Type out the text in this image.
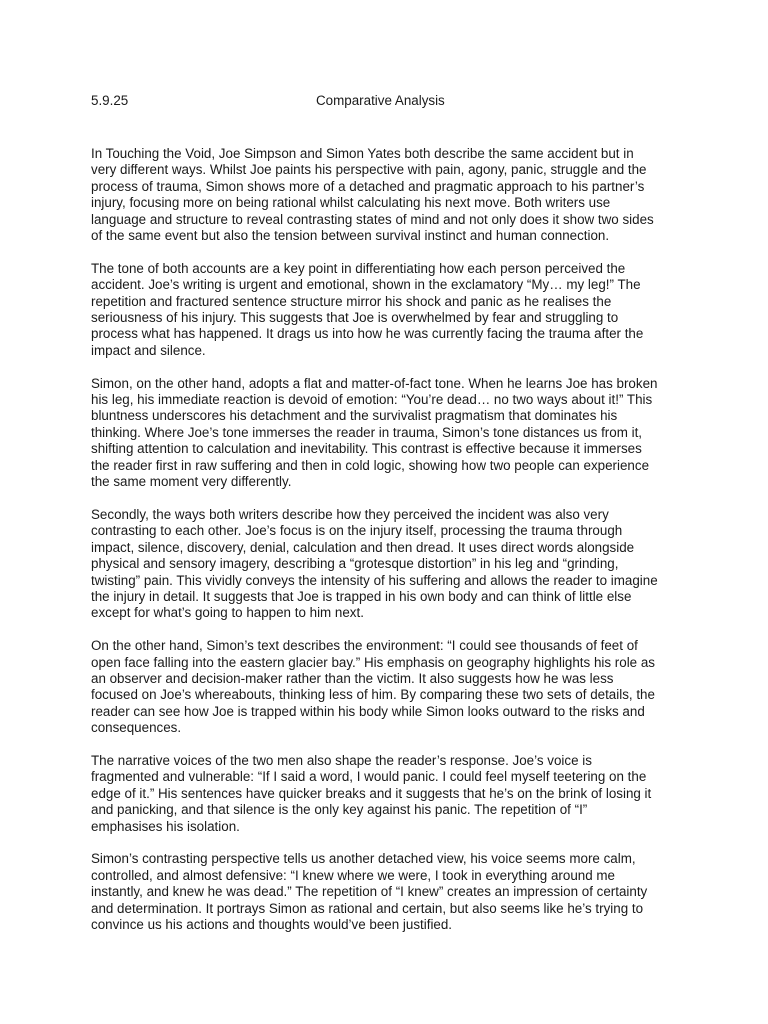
5.9.25	Comparative Analysis

In Touching the Void, Joe Simpson and Simon Yates both describe the same accident but in
very different ways. Whilst Joe paints his perspective with pain, agony, panic, struggle and the
process of trauma, Simon shows more of a detached and pragmatic approach to his partner’s
injury, focusing more on being rational whilst calculating his next move. Both writers use
language and structure to reveal contrasting states of mind and not only does it show two sides
of the same event but also the tension between survival instinct and human connection.

The tone of both accounts are a key point in differentiating how each person perceived the
accident. Joe’s writing is urgent and emotional, shown in the exclamatory “My… my leg!” The
repetition and fractured sentence structure mirror his shock and panic as he realises the
seriousness of his injury. This suggests that Joe is overwhelmed by fear and struggling to
process what has happened. It drags us into how he was currently facing the trauma after the
impact and silence.

Simon, on the other hand, adopts a flat and matter-of-fact tone. When he learns Joe has broken
his leg, his immediate reaction is devoid of emotion: “You’re dead… no two ways about it!” This
bluntness underscores his detachment and the survivalist pragmatism that dominates his
thinking. Where Joe’s tone immerses the reader in trauma, Simon’s tone distances us from it,
shifting attention to calculation and inevitability. This contrast is effective because it immerses
the reader first in raw suffering and then in cold logic, showing how two people can experience
the same moment very differently.

Secondly, the ways both writers describe how they perceived the incident was also very
contrasting to each other. Joe’s focus is on the injury itself, processing the trauma through
impact, silence, discovery, denial, calculation and then dread. It uses direct words alongside
physical and sensory imagery, describing a “grotesque distortion” in his leg and “grinding,
twisting” pain. This vividly conveys the intensity of his suffering and allows the reader to imagine
the injury in detail. It suggests that Joe is trapped in his own body and can think of little else
except for what’s going to happen to him next.

On the other hand, Simon’s text describes the environment: “I could see thousands of feet of
open face falling into the eastern glacier bay.” His emphasis on geography highlights his role as
an observer and decision-maker rather than the victim. It also suggests how he was less
focused on Joe’s whereabouts, thinking less of him. By comparing these two sets of details, the
reader can see how Joe is trapped within his body while Simon looks outward to the risks and
consequences.

The narrative voices of the two men also shape the reader’s response. Joe’s voice is
fragmented and vulnerable: “If I said a word, I would panic. I could feel myself teetering on the
edge of it.” His sentences have quicker breaks and it suggests that he’s on the brink of losing it
and panicking, and that silence is the only key against his panic. The repetition of “I”
emphasises his isolation.

Simon’s contrasting perspective tells us another detached view, his voice seems more calm,
controlled, and almost defensive: “I knew where we were, I took in everything around me
instantly, and knew he was dead.” The repetition of “I knew” creates an impression of certainty
and determination. It portrays Simon as rational and certain, but also seems like he’s trying to
convince us his actions and thoughts would’ve been justified.
